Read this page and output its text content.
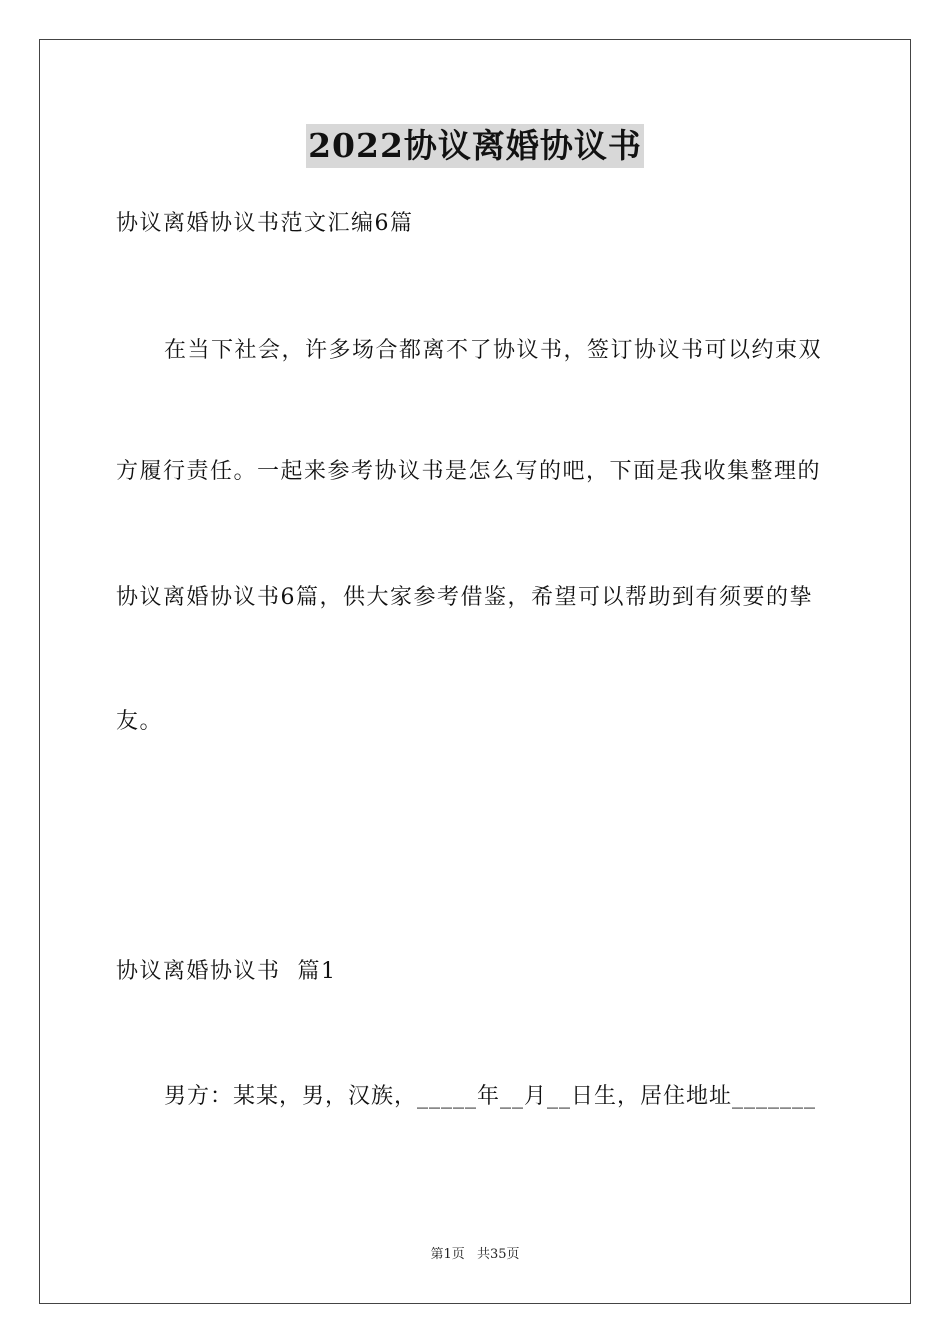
2022协议离婚协议书
协议离婚协议书范文汇编6篇
在当下社会，许多场合都离不了协议书，签订协议书可以约束双
方履行责任。一起来参考协议书是怎么写的吧，下面是我收集整理的
协议离婚协议书6篇，供大家参考借鉴，希望可以帮助到有须要的挚
友。
协议离婚协议书  篇1
男方：某某，男，汉族，_____年__月__日生，居住地址_______
第1页 共35页
